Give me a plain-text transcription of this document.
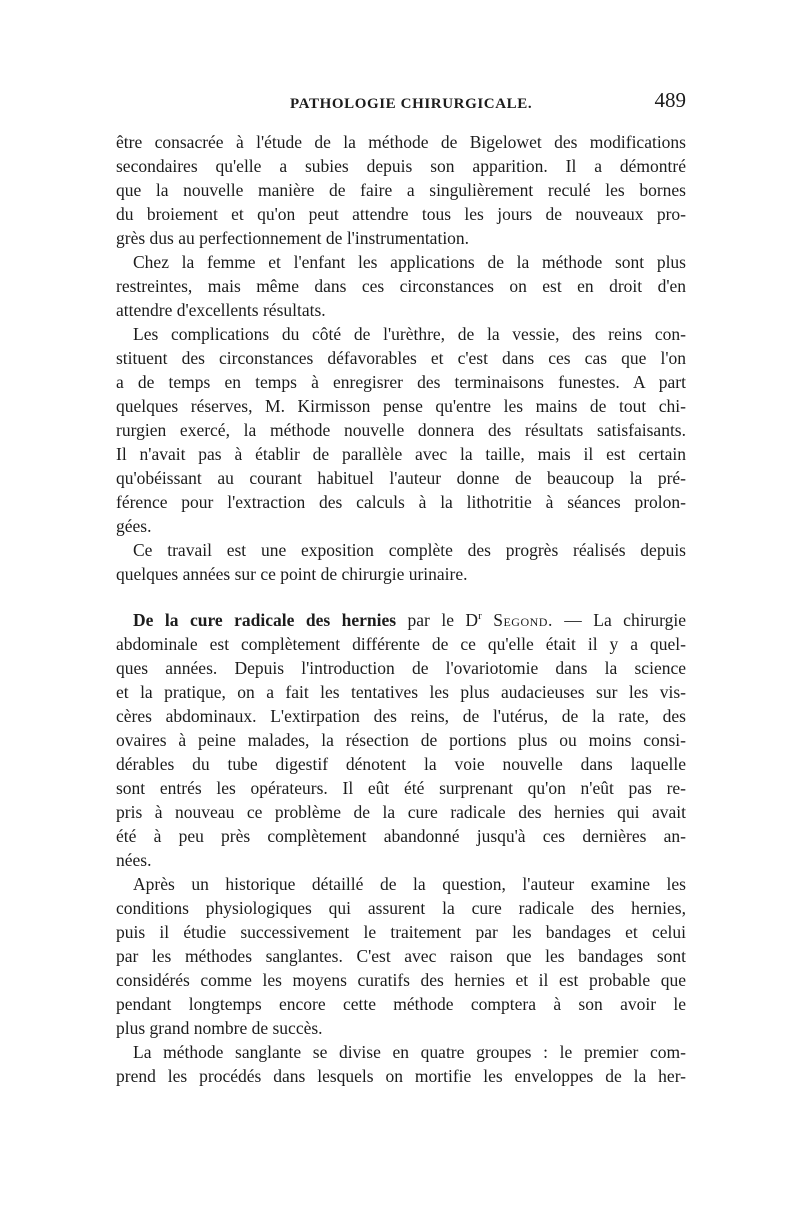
PATHOLOGIE CHIRURGICALE.	489
être consacrée à l'étude de la méthode de Bigelowet des modifications
secondaires qu'elle a subies depuis son apparition. Il a démontré
que la nouvelle manière de faire a singulièrement reculé les bornes
du broiement et qu'on peut attendre tous les jours de nouveaux pro-
grès dus au perfectionnement de l'instrumentation.
Chez la femme et l'enfant les applications de la méthode sont plus
restreintes, mais même dans ces circonstances on est en droit d'en
attendre d'excellents résultats.
Les complications du côté de l'urèthre, de la vessie, des reins con-
stituent des circonstances défavorables et c'est dans ces cas que l'on
a de temps en temps à enregisrer des terminaisons funestes. A part
quelques réserves, M. Kirmisson pense qu'entre les mains de tout chi-
rurgien exercé, la méthode nouvelle donnera des résultats satisfaisants.
Il n'avait pas à établir de parallèle avec la taille, mais il est certain
qu'obéissant au courant habituel l'auteur donne de beaucoup la pré-
férence pour l'extraction des calculs à la lithotritie à séances prolon-
gées.
Ce travail est une exposition complète des progrès réalisés depuis
quelques années sur ce point de chirurgie urinaire.
De la cure radicale des hernies par le $D^r$ Segond. — La chirurgie
abdominale est complètement différente de ce qu'elle était il y a quel-
ques années. Depuis l'introduction de l'ovariotomie dans la science
et la pratique, on a fait les tentatives les plus audacieuses sur les vis-
cères abdominaux. L'extirpation des reins, de l'utérus, de la rate, des
ovaires à peine malades, la résection de portions plus ou moins consi-
dérables du tube digestif dénotent la voie nouvelle dans laquelle
sont entrés les opérateurs. Il eût été surprenant qu'on n'eût pas re-
pris à nouveau ce problème de la cure radicale des hernies qui avait
été à peu près complètement abandonné jusqu'à ces dernières an-
nées.
Après un historique détaillé de la question, l'auteur examine les
conditions physiologiques qui assurent la cure radicale des hernies,
puis il étudie successivement le traitement par les bandages et celui
par les méthodes sanglantes. C'est avec raison que les bandages sont
considérés comme les moyens curatifs des hernies et il est probable que
pendant longtemps encore cette méthode comptera à son avoir le
plus grand nombre de succès.
La méthode sanglante se divise en quatre groupes : le premier com-
prend les procédés dans lesquels on mortifie les enveloppes de la her-
